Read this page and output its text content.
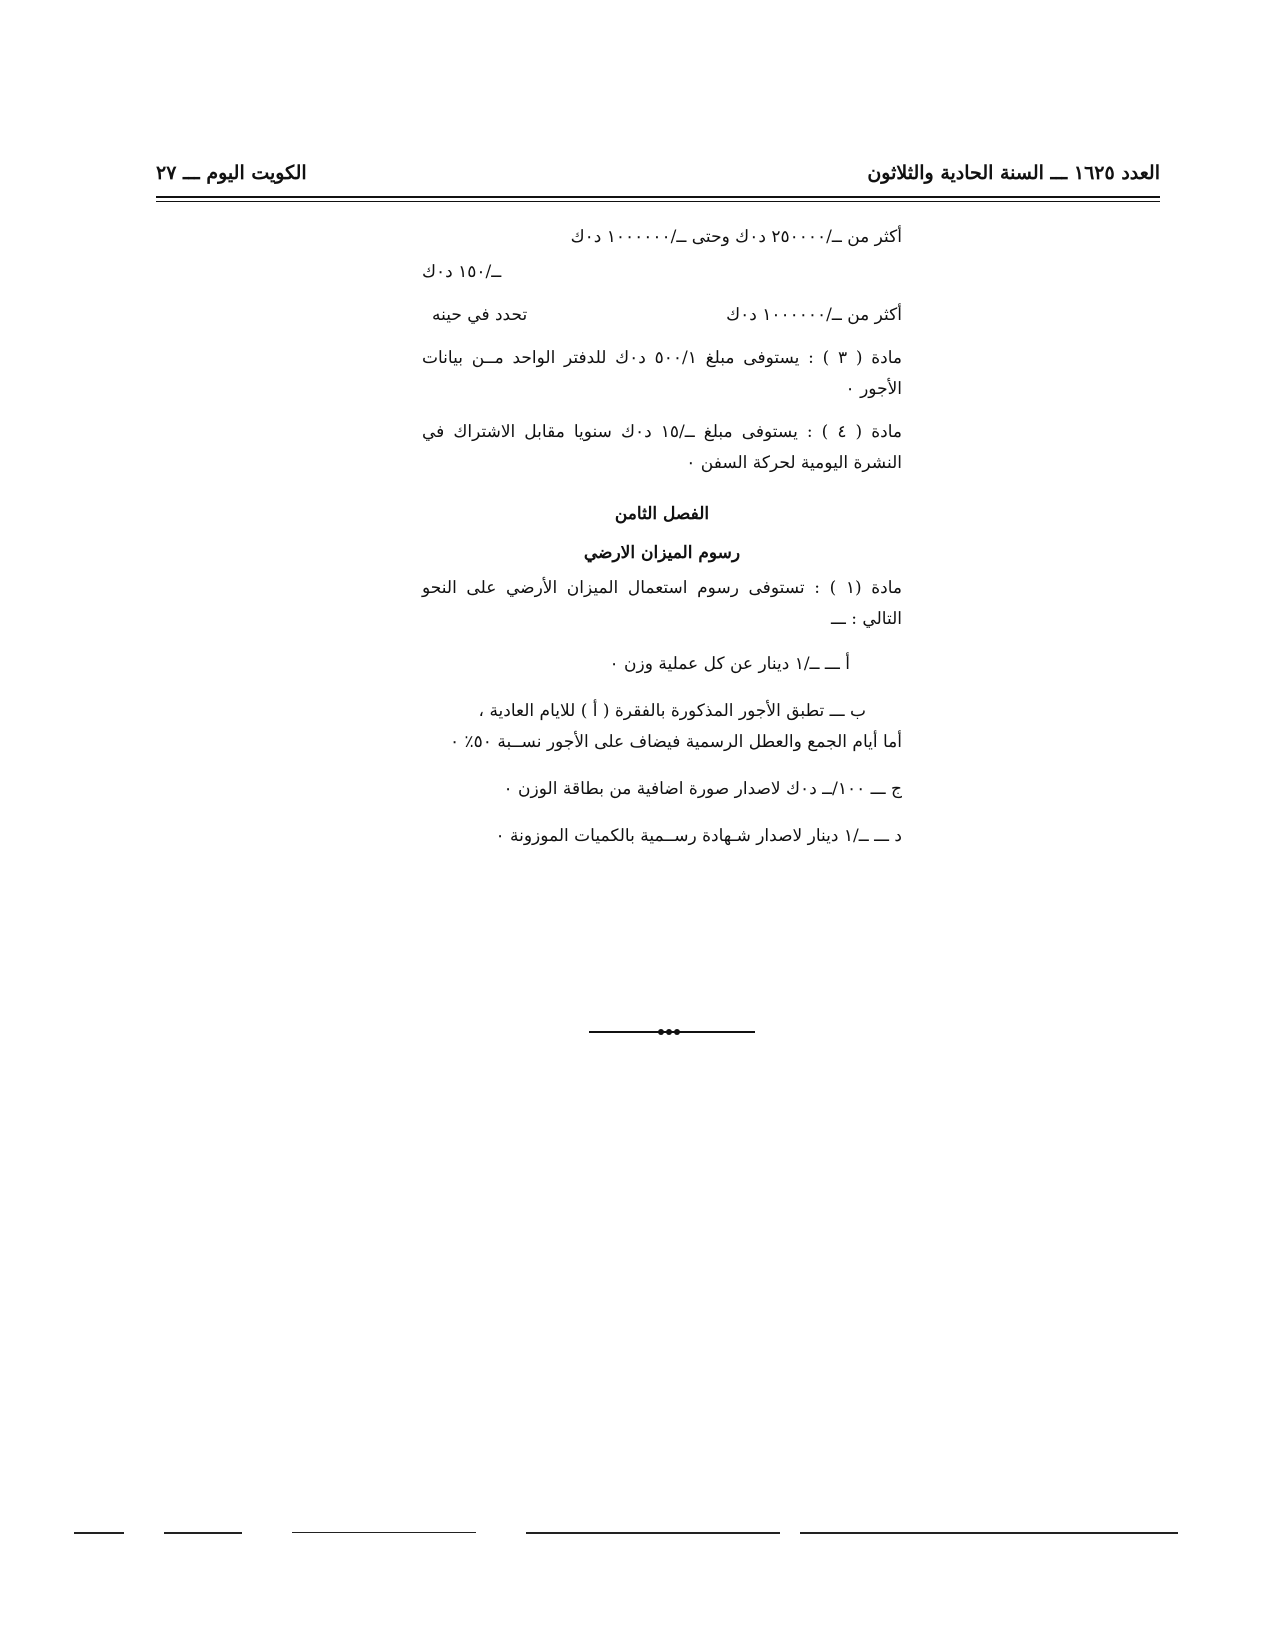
العدد ١٦٢٥ ـــ السنة الحادية والثلاثون
الكويت اليوم ـــ ٢٧

أكثر من ــ/٢٥٠٠٠٠ د٠ك وحتى ــ/١٠٠٠٠٠٠ د٠ك

ــ/١٥٠ د٠ك

أكثر من ــ/١٠٠٠٠٠٠ د٠ك
تحدد في حينه

مادة ( ٣ ) : يستوفى مبلغ ٥٠٠/١ د٠ك للدفتر الواحد مــن بيانات الأجور ٠

مادة ( ٤ ) : يستوفى مبلغ ــ/١٥ د٠ك سنويا مقابل الاشتراك في النشرة اليومية لحركة السفن ٠

الفصل الثامن
رسوم الميزان الارضي

مادة (١ ) : تستوفى رسوم استعمال الميزان الأرضي على النحو التالي : ـــ

أ ـــ ــ/١ دينار عن كل عملية وزن ٠

ب ـــ تطبق الأجور المذكورة بالفقرة ( أ ) للايام العادية ،
أما أيام الجمع والعطل الرسمية فيضاف على الأجور نســبة ٥٠٪ ٠

ج ـــ ١٠٠/ــ د٠ك لاصدار صورة اضافية من بطاقة الوزن ٠

د ـــ ــ/١ دينار لاصدار شـهادة رســمية بالكميات الموزونة ٠
